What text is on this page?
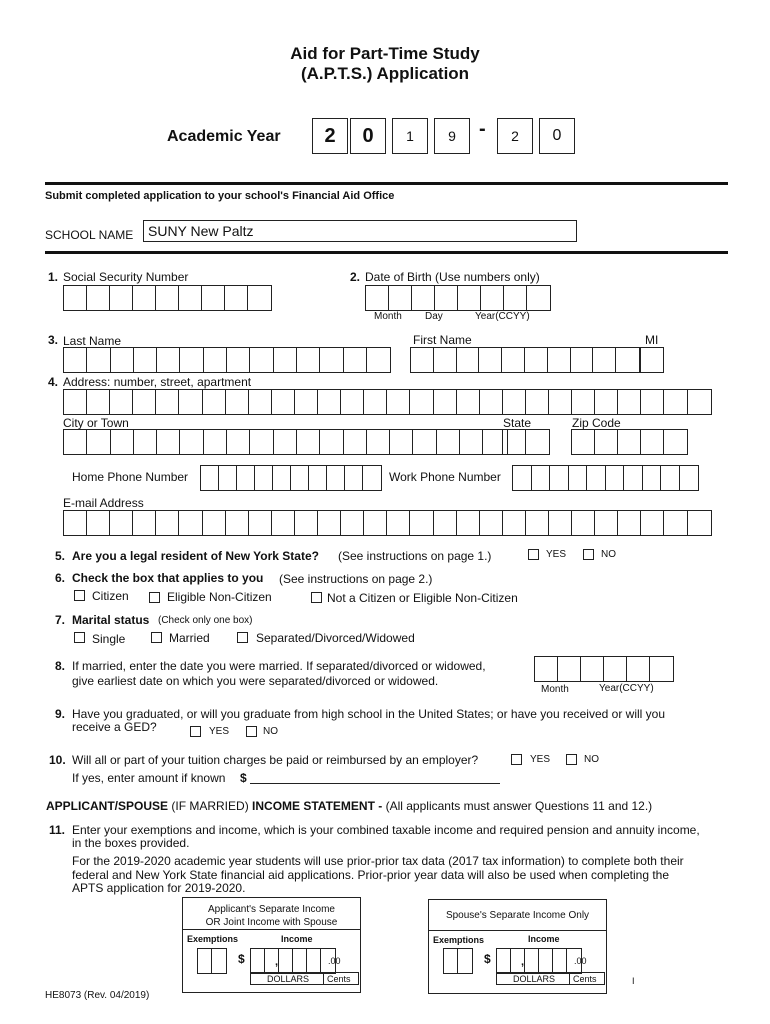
Aid for Part-Time Study
(A.P.T.S.) Application
Academic Year	2	0	1	9	-	2	0
Submit completed application to your school's Financial Aid Office
SCHOOL NAME	SUNY New Paltz
1. Social Security Number	2. Date of Birth (Use numbers only)
Month Day	Year(CCYY)
3. Last Name	First Name	MI
4. Address: number, street, apartment
City or Town	State	Zip Code
Home Phone Number	Work Phone Number
E-mail Address
5. Are you a legal resident of New York State? (See instructions on page 1.)	YES	NO
6. Check the box that applies to you (See instructions on page 2.)
Citizen	Eligible Non-Citizen	Not a Citizen or Eligible Non-Citizen
7. Marital status (Check only one box)
Single	Married	Separated/Divorced/Widowed
8. If married, enter the date you were married. If separated/divorced or widowed,
give earliest date on which you were separated/divorced or widowed.
Month	Year(CCYY)
9. Have you graduated, or will you graduate from high school in the United States; or have you received or will you
receive a GED?	YES	NO
10. Will all or part of your tuition charges be paid or reimbursed by an employer?	YES	NO
If yes, enter amount if known $
APPLICANT/SPOUSE (IF MARRIED) INCOME STATEMENT - (All applicants must answer Questions 11 and 12.)
11. Enter your exemptions and income, which is your combined taxable income and required pension and annuity income,
in the boxes provided.
For the 2019-2020 academic year students will use prior-prior tax data (2017 tax information) to complete both their
federal and New York State financial aid applications. Prior-prior year data will also be used when completing the
APTS application for 2019-2020.
Applicant's Separate Income
OR Joint Income with Spouse
Exemptions	Income
$	,	.00
DOLLARS Cents
Spouse's Separate Income Only
Exemptions	Income
$	,	.00
DOLLARS Cents
HE8073 (Rev. 04/2019)
I
